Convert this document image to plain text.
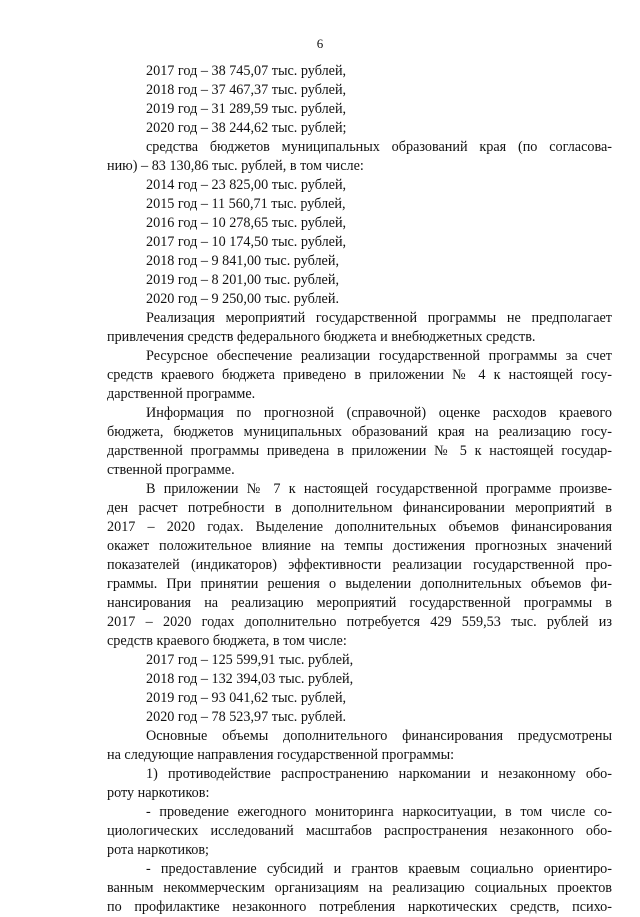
6
2017 год – 38 745,07 тыс. рублей,
2018 год – 37 467,37 тыс. рублей,
2019 год – 31 289,59 тыс. рублей,
2020 год – 38 244,62 тыс. рублей;
средства бюджетов муниципальных образований края (по согласова-
нию) – 83 130,86 тыс. рублей, в том числе:
2014 год – 23 825,00 тыс. рублей,
2015 год – 11 560,71 тыс. рублей,
2016 год – 10 278,65 тыс. рублей,
2017 год – 10 174,50 тыс. рублей,
2018 год – 9 841,00 тыс. рублей,
2019 год – 8 201,00 тыс. рублей,
2020 год – 9 250,00 тыс. рублей.
Реализация мероприятий государственной программы не предполагает
привлечения средств федерального бюджета и внебюджетных средств.
Ресурсное обеспечение реализации государственной программы за счет
средств краевого бюджета приведено в приложении № 4 к настоящей госу-
дарственной программе.
Информация по прогнозной (справочной) оценке расходов краевого
бюджета, бюджетов муниципальных образований края на реализацию госу-
дарственной программы приведена в приложении № 5 к настоящей государ-
ственной программе.
В приложении № 7 к настоящей государственной программе произве-
ден расчет потребности в дополнительном финансировании мероприятий в
2017 – 2020 годах. Выделение дополнительных объемов финансирования
окажет положительное влияние на темпы достижения прогнозных значений
показателей (индикаторов) эффективности реализации государственной про-
граммы. При принятии решения о выделении дополнительных объемов фи-
нансирования на реализацию мероприятий государственной программы в
2017 – 2020 годах дополнительно потребуется 429 559,53 тыс. рублей из
средств краевого бюджета, в том числе:
2017 год – 125 599,91 тыс. рублей,
2018 год – 132 394,03 тыс. рублей,
2019 год – 93 041,62 тыс. рублей,
2020 год – 78 523,97 тыс. рублей.
Основные объемы дополнительного финансирования предусмотрены
на следующие направления государственной программы:
1) противодействие распространению наркомании и незаконному обо-
роту наркотиков:
- проведение ежегодного мониторинга наркоситуации, в том числе со-
циологических исследований масштабов распространения незаконного обо-
рота наркотиков;
- предоставление субсидий и грантов краевым социально ориентиро-
ванным некоммерческим организациям на реализацию социальных проектов
по профилактике незаконного потребления наркотических средств, психо-
